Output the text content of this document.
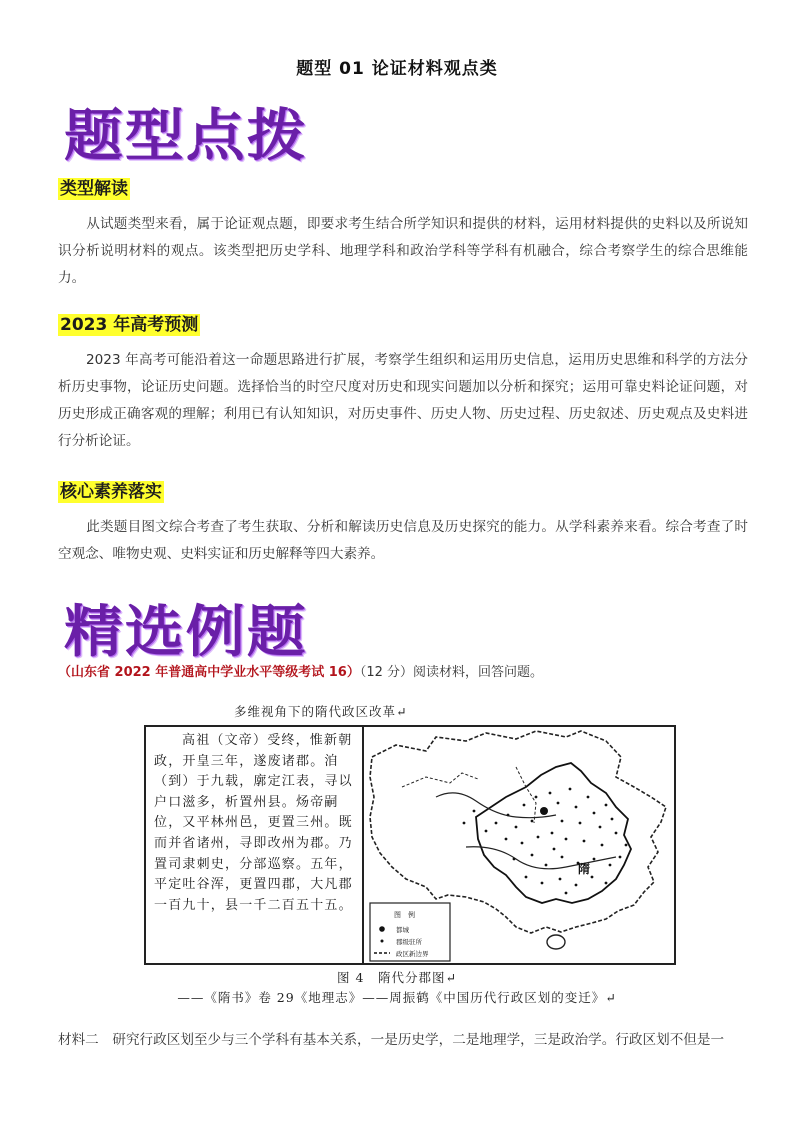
题型 01 论证材料观点类
题型点拨
类型解读
从试题类型来看，属于论证观点题，即要求考生结合所学知识和提供的材料，运用材料提供的史料以及所说知识分析说明材料的观点。该类型把历史学科、地理学科和政治学科等学科有机融合，综合考察学生的综合思维能力。
2023 年高考预测
2023 年高考可能沿着这一命题思路进行扩展，考察学生组织和运用历史信息，运用历史思维和科学的方法分析历史事物，论证历史问题。选择恰当的时空尺度对历史和现实问题加以分析和探究；运用可靠史料论证问题，对历史形成正确客观的理解；利用已有认知知识，对历史事件、历史人物、历史过程、历史叙述、历史观点及史料进行分析论证。
核心素养落实
此类题目图文综合考查了考生获取、分析和解读历史信息及历史探究的能力。从学科素养来看。综合考查了时空观念、唯物史观、史料实证和历史解释等四大素养。
精选例题
（山东省 2022 年普通高中学业水平等级考试 16）（12 分）阅读材料，回答问题。
多维视角下的隋代政区改革↵
高祖（文帝）受终，惟新朝政，开皇三年，遂废诸郡。洎（到）于九载，廓定江表，寻以户口滋多，析置州县。炀帝嗣位，又平林州邑，更置三州。既而并省诸州，寻即改州为郡。乃置司隶刺史，分部巡察。五年，平定吐谷浑，更置四郡，大凡郡一百九十，县一千二百五十五。
隋
图　例
都城
郡级驻所
政区新边界
图 4　隋代分郡图↵
——《隋书》卷 29《地理志》——周振鹤《中国历代行政区划的变迁》↵
材料二　研究行政区划至少与三个学科有基本关系，一是历史学，二是地理学，三是政治学。行政区划不但是一
